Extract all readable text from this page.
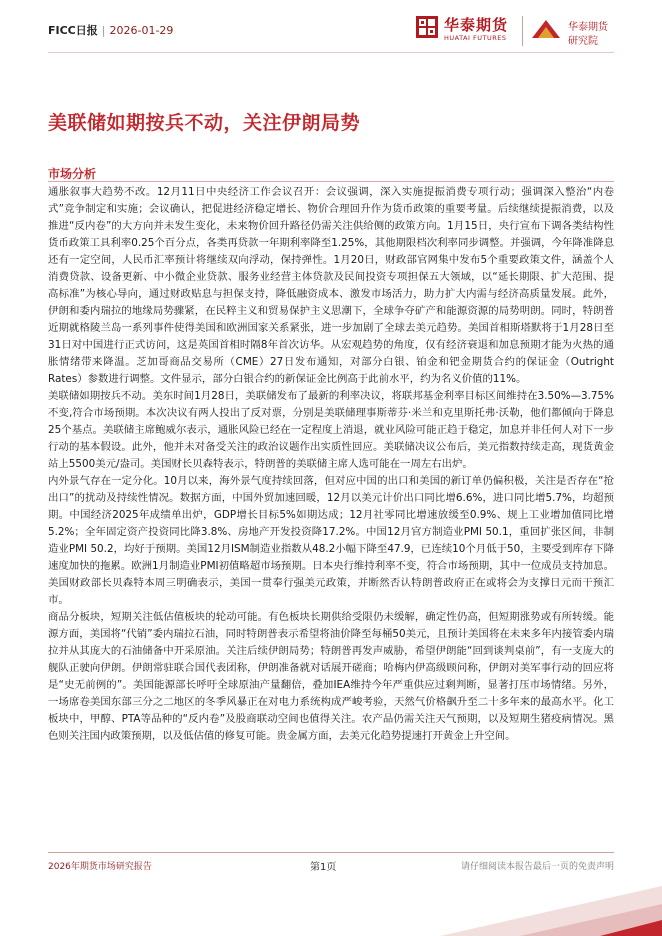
FICC日报 | 2026-01-29	华泰期货
HUATAI FUTURES
华泰期货
研究院
美联储如期按兵不动，关注伊朗局势
市场分析

通胀叙事大趋势不改。12月11日中央经济工作会议召开：会议强调，深入实施提振消费专项行动；强调深入整治“内卷式”竞争制定和实施；会议确认，把促进经济稳定增长、物价合理回升作为货币政策的重要考量。后续继续提振消费，以及推进“反内卷”的大方向并未发生变化，未来物价回升路径仍需关注供给侧的政策方向。1月15日，央行宣布下调各类结构性货币政策工具利率0.25个百分点，各类再贷款一年期利率降至1.25%，其他期限档次利率同步调整。并强调，今年降准降息还有一定空间，人民币汇率预计将继续双向浮动，保持弹性。1月20日，财政部官网集中发布5个重要政策文件，涵盖个人消费贷款、设备更新、中小微企业贷款、服务业经营主体贷款及民间投资专项担保五大领域，以“延长期限、扩大范围、提高标准”为核心导向，通过财政贴息与担保支持，降低融资成本、激发市场活力，助力扩大内需与经济高质量发展。此外，伊朗和委内瑞拉的地缘局势骤紧，在民粹主义和贸易保护主义思潮下，全球争夺矿产和能源资源的局势明朗。同时，特朗普近期就格陵兰岛一系列事件使得美国和欧洲国家关系紧张，进一步加剧了全球去美元趋势。美国首相斯塔默将于1月28日至31日对中国进行正式访问，这是英国首相时隔8年首次访华。从宏观趋势的角度，仅有经济衰退和加息预期才能为火热的通胀情绪带来降温。芝加哥商品交易所（CME）27日发布通知，对部分白银、铂金和钯金期货合约的保证金（Outright Rates）参数进行调整。文件显示，部分白银合约的新保证金比例高于此前水平，约为名义价值的11%。

美联储如期按兵不动。美东时间1月28日，美联储发布了最新的利率决议，将联邦基金利率目标区间维持在3.50%—3.75%不变,符合市场预期。本次决议有两人投出了反对票，分别是美联储理事斯蒂芬·米兰和克里斯托弗·沃勒，他们都倾向于降息25个基点。美联储主席鲍威尔表示，通胀风险已经在一定程度上消退，就业风险可能正趋于稳定，加息并非任何人对下一步行动的基本假设。此外，他并未对备受关注的政治议题作出实质性回应。美联储决议公布后，美元指数持续走高，现货黄金站上5500美元/盎司。美国财长贝森特表示，特朗普的美联储主席人选可能在一周左右出炉。

内外景气存在一定分化。10月以来，海外景气度持续回落，但对应中国的出口和美国的新订单仍偏积极，关注是否存在“抢出口”的扰动及持续性情况。数据方面，中国外贸加速回暖，12月以美元计价出口同比增6.6%，进口同比增5.7%，均超预期。中国经济2025年成绩单出炉，GDP增长目标5%如期达成；12月社零同比增速放缓至0.9%、规上工业增加值同比增5.2%；全年固定资产投资同比降3.8%、房地产开发投资降17.2%。中国12月官方制造业PMI 50.1，重回扩张区间，非制造业PMI 50.2，均好于预期。美国12月ISM制造业指数从48.2小幅下降至47.9，已连续10个月低于50，主要受到库存下降速度加快的拖累。欧洲1月制造业PMI初值略超市场预期。日本央行维持利率不变，符合市场预期，其中一位成员支持加息。美国财政部长贝森特本周三明确表示，美国一贯奉行强美元政策，并断然否认特朗普政府正在或将会为支撑日元而干预汇市。

商品分板块，短期关注低估值板块的轮动可能。有色板块长期供给受限仍未缓解，确定性仍高，但短期涨势或有所转缓。能源方面，美国将“代销”委内瑞拉石油，同时特朗普表示希望将油价降至每桶50美元，且预计美国将在未来多年内接管委内瑞拉并从其庞大的石油储备中开采原油。关注后续伊朗局势；特朗普再发声威胁，希望伊朗能“回到谈判桌前”，有一支庞大的舰队正驶向伊朗。伊朗常驻联合国代表团称，伊朗准备就对话展开磋商；哈梅内伊高级顾问称，伊朗对美军事行动的回应将是“史无前例的”。美国能源部长呼吁全球原油产量翻倍，叠加IEA维持今年严重供应过剩判断，显著打压市场情绪。另外，一场席卷美国东部三分之二地区的冬季风暴正在对电力系统构成严峻考验，天然气价格飙升至二十多年来的最高水平。化工板块中，甲醇、PTA等品种的“反内卷”及股商联动空间也值得关注。农产品仍需关注天气预期，以及短期生猪疫病情况。黑色则关注国内政策预期，以及低估值的修复可能。贵金属方面，去美元化趋势提速打开黄金上升空间。

2026年期货市场研究报告	第1页	请仔细阅读本报告最后一页的免责声明
